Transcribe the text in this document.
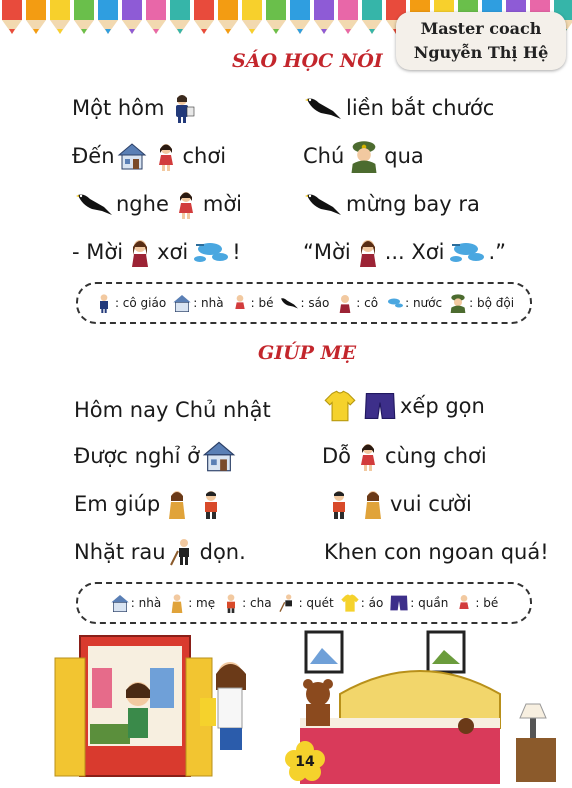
Master coach
Nguyễn Thị Hệ
SÁO HỌC NÓI
Một hôm
Đến	chơi
nghe mời
- Mời xơi !
liền bắt chước
Chú qua
mừng bay ra
“Mời ... Xơi .”
: cô giáo : nhà : bé : sáo : cô : nước : bộ đội
GIÚP MẸ
Hôm nay Chủ nhật
Được nghỉ ở
Em giúp
Nhặt rau dọn.
xếp gọn
Dỗ cùng chơi
vui cười
Khen con ngoan quá!
: nhà : mẹ : cha : quét : áo : quần : bé
14
